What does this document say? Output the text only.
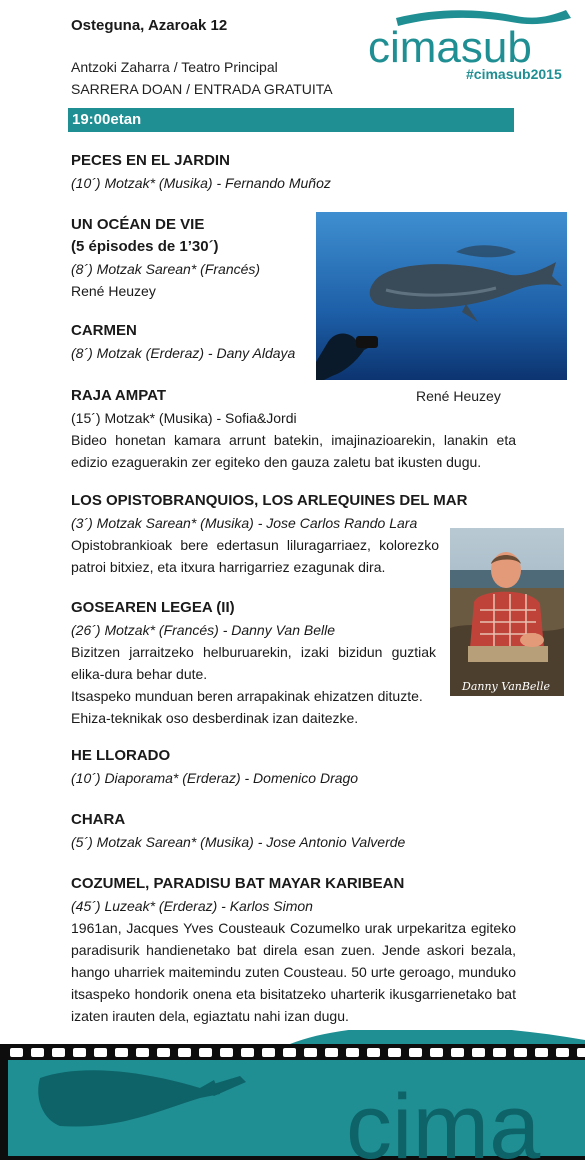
Osteguna, Azaroak 12
Antzoki Zaharra / Teatro Principal
SARRERA DOAN / ENTRADA GRATUITA
cimasub
#cimasub2015
19:00etan
PECES EN EL JARDIN
(10´) Motzak* (Musika) - Fernando Muñoz
UN OCÉAN DE VIE
(5 épisodes de 1’30´)
(8´) Motzak Sarean* (Francés)
René Heuzey
CARMEN
(8´) Motzak (Erderaz) - Dany Aldaya
RAJA AMPAT
(15´) Motzak* (Musika) - Sofia&Jordi
Bideo honetan kamara arrunt batekin, imajinazioarekin, lanakin eta edizio ezaguerakin zer egiteko den gauza zaletu bat ikusten dugu.
LOS OPISTOBRANQUIOS, LOS ARLEQUINES DEL MAR
(3´) Motzak Sarean* (Musika) - Jose Carlos Rando Lara
Opistobrankioak bere edertasun liluragarriaez, kolorezko patroi bitxiez, eta itxura harrigarriez ezagunak dira.
GOSEAREN LEGEA (II)
(26´) Motzak* (Francés) - Danny Van Belle
Bizitzen jarraitzeko helburuarekin, izaki bizidun guztiak elika-dura behar dute.
Itsaspeko munduan beren arrapakinak ehizatzen dituzte.
Ehiza-teknikak oso desberdinak izan daitezke.
HE LLORADO
(10´) Diaporama* (Erderaz) - Domenico Drago
CHARA
(5´) Motzak Sarean* (Musika) - Jose Antonio Valverde
COZUMEL, PARADISU BAT MAYAR KARIBEAN
(45´) Luzeak* (Erderaz) - Karlos Simon
1961an, Jacques Yves Cousteauk Cozumelko urak urpekaritza egiteko paradisurik handienetako bat direla esan zuen. Jende askori bezala, hango uharriek maitemindu zuten Cousteau. 50 urte geroago, munduko itsaspeko hondorik onena eta bisitatzeko uharterik ikusgarrienetako bat izaten irauten dela, egiaztatu nahi izan dugu.
René Heuzey
Danny VanBelle
cima
